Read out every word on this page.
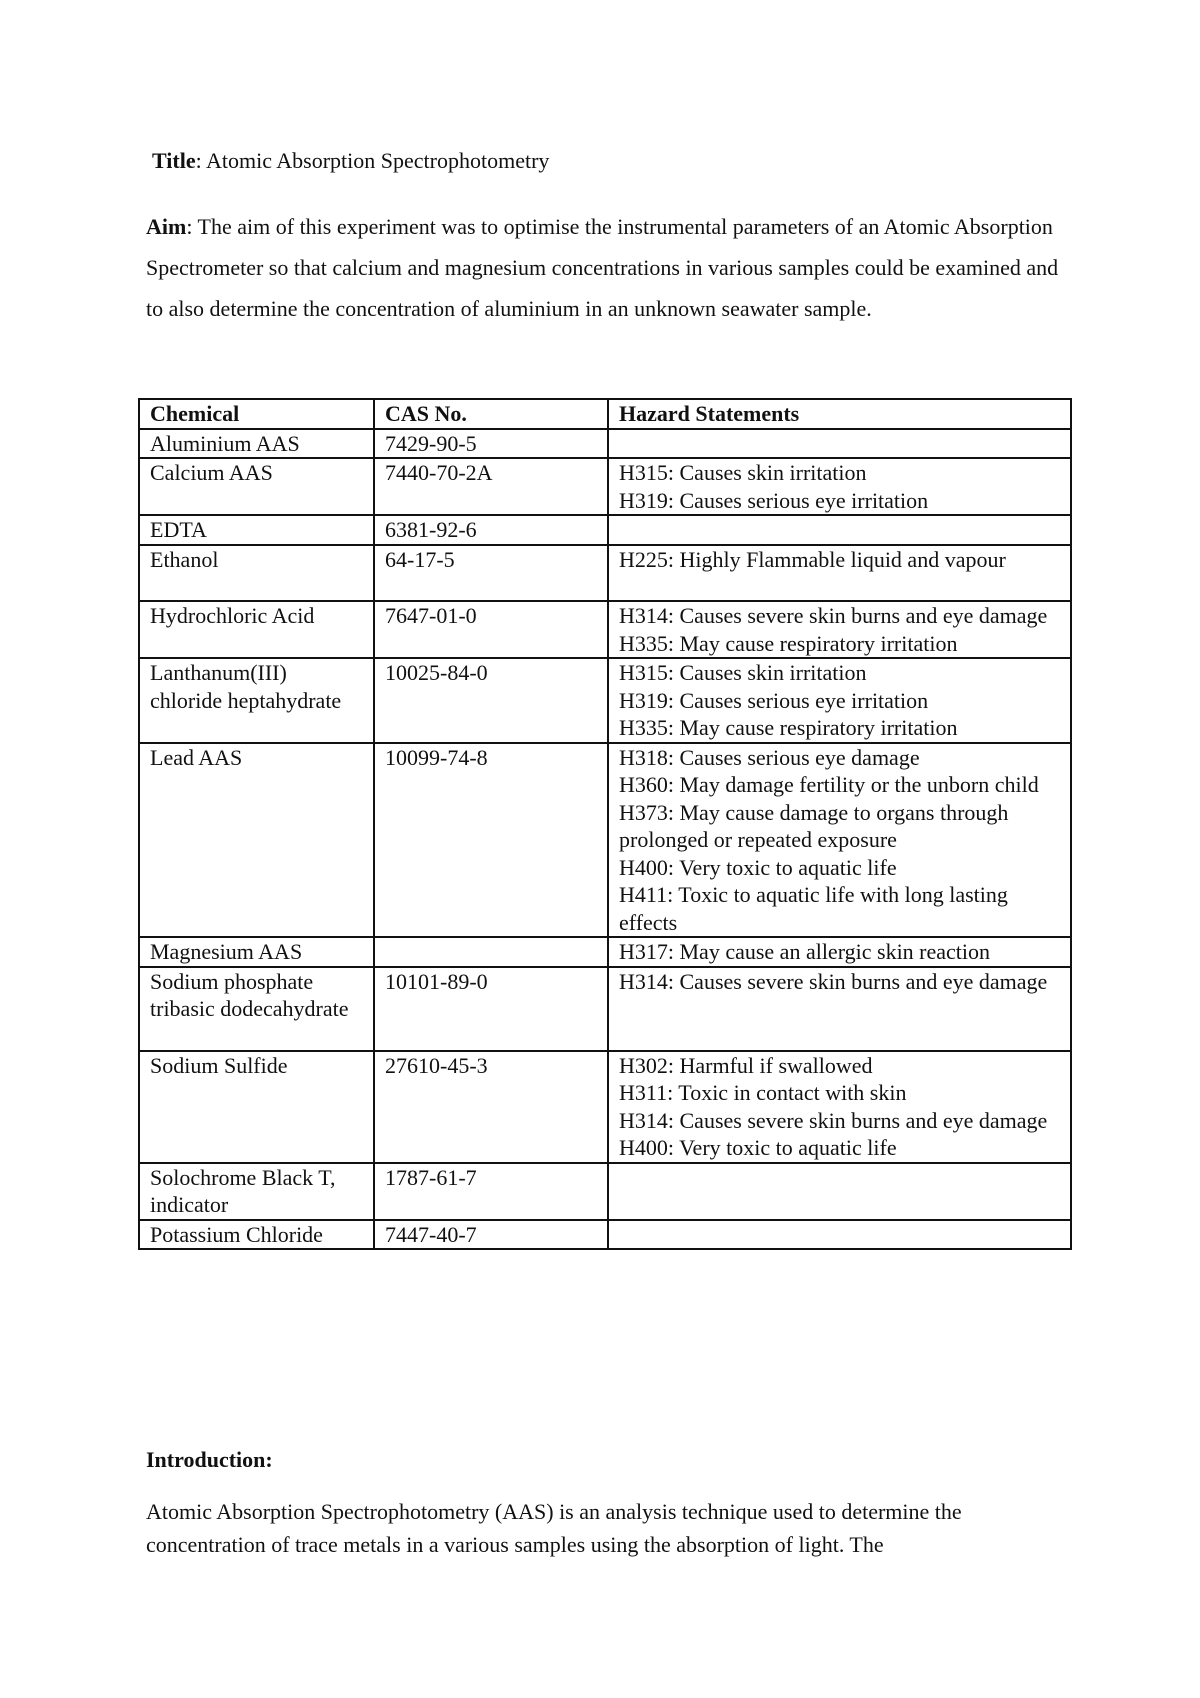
Title: Atomic Absorption Spectrophotometry
Aim: The aim of this experiment was to optimise the instrumental parameters of an Atomic Absorption Spectrometer so that calcium and magnesium concentrations in various samples could be examined and to also determine the concentration of aluminium in an unknown seawater sample.
Chemical	CAS No.	Hazard Statements
Aluminium AAS	7429-90-5	
Calcium AAS	7440-70-2A	H315: Causes skin irritation
H319: Causes serious eye irritation

EDTA	6381-92-6	
Ethanol	64-17-5	H225: Highly Flammable liquid and vapour

Hydrochloric Acid	7647-01-0	H314: Causes severe skin burns and eye damage
H335: May cause respiratory irritation

Lanthanum(III) chloride heptahydrate	10025-84-0	H315: Causes skin irritation
H319: Causes serious eye irritation
H335: May cause respiratory irritation

Lead AAS	10099-74-8	H318: Causes serious eye damage
H360: May damage fertility or the unborn child
H373: May cause damage to organs through prolonged or repeated exposure
H400: Very toxic to aquatic life
H411: Toxic to aquatic life with long lasting effects

Magnesium AAS		H317: May cause an allergic skin reaction

Sodium phosphate tribasic dodecahydrate	10101-89-0	H314: Causes severe skin burns and eye damage

Sodium Sulfide	27610-45-3	H302: Harmful if swallowed
H311: Toxic in contact with skin
H314: Causes severe skin burns and eye damage
H400: Very toxic to aquatic life

Solochrome Black T, indicator	1787-61-7	
Potassium Chloride	7447-40-7	
Introduction:
Atomic Absorption Spectrophotometry (AAS) is an analysis technique used to determine the concentration of trace metals in a various samples using the absorption of light. The
